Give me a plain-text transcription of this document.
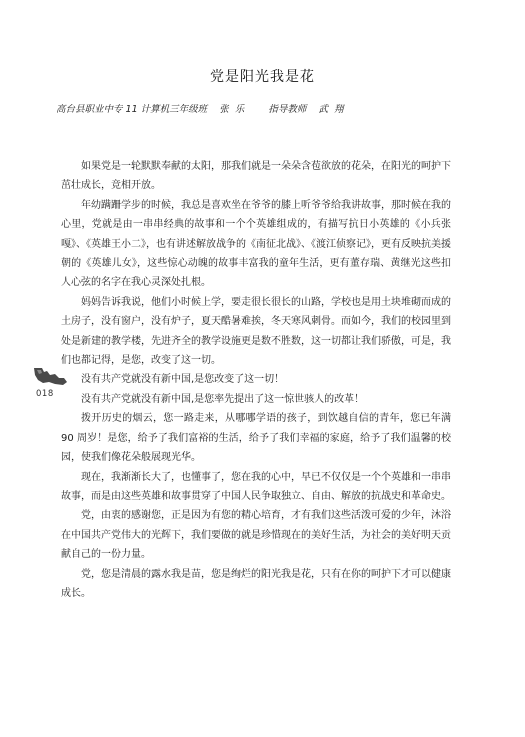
党是阳光我是花
高台县职业中专 11 计算机三年级班    张  乐        指导教师    武  翔

如果党是一轮默默奉献的太阳，那我们就是一朵朵含苞欲放的花朵，在阳光的呵护下茁壮成长，竞相开放。

年幼蹒跚学步的时候，我总是喜欢坐在爷爷的膝上听爷爷给我讲故事，那时候在我的心里，党就是由一串串经典的故事和一个个英雄组成的，有描写抗日小英雄的《小兵张嘎》、《英雄王小二》，也有讲述解放战争的《南征北战》、《渡江侦察记》，更有反映抗美援朝的《英雄儿女》，这些惊心动魄的故事丰富我的童年生活，更有董存瑞、黄继光这些扣人心弦的名字在我心灵深处扎根。

妈妈告诉我说，他们小时候上学，要走很长很长的山路，学校也是用土块堆砌而成的土房子，没有窗户，没有炉子，夏天酷暑难挨，冬天寒风刺骨。而如今，我们的校园里到处是新建的教学楼，先进齐全的教学设施更是数不胜数，这一切都让我们骄傲，可是，我们也都记得，是您，改变了这一切。

没有共产党就没有新中国,是您改变了这一切！

没有共产党就没有新中国,是您率先提出了这一惊世骇人的改革！

拨开历史的烟云，您一路走来，从哪哪学语的孩子，到饮越自信的青年，您已年满 90 周岁！是您，给予了我们富裕的生活，给予了我们幸福的家庭，给予了我们温馨的校园，使我们像花朵般展现光华。

现在，我渐渐长大了，也懂事了，您在我的心中，早已不仅仅是一个个英雄和一串串故事，而是由这些英雄和故事贯穿了中国人民争取独立、自由、解放的抗战史和革命史。

党，由衷的感谢您，正是因为有您的精心培育，才有我们这些活泼可爱的少年，沐浴在中国共产党伟大的光辉下，我们要做的就是珍惜现在的美好生活，为社会的美好明天贡献自己的一份力量。

党，您是清晨的露水我是苗，您是绚烂的阳光我是花，只有在你的呵护下才可以健康成长。

018
